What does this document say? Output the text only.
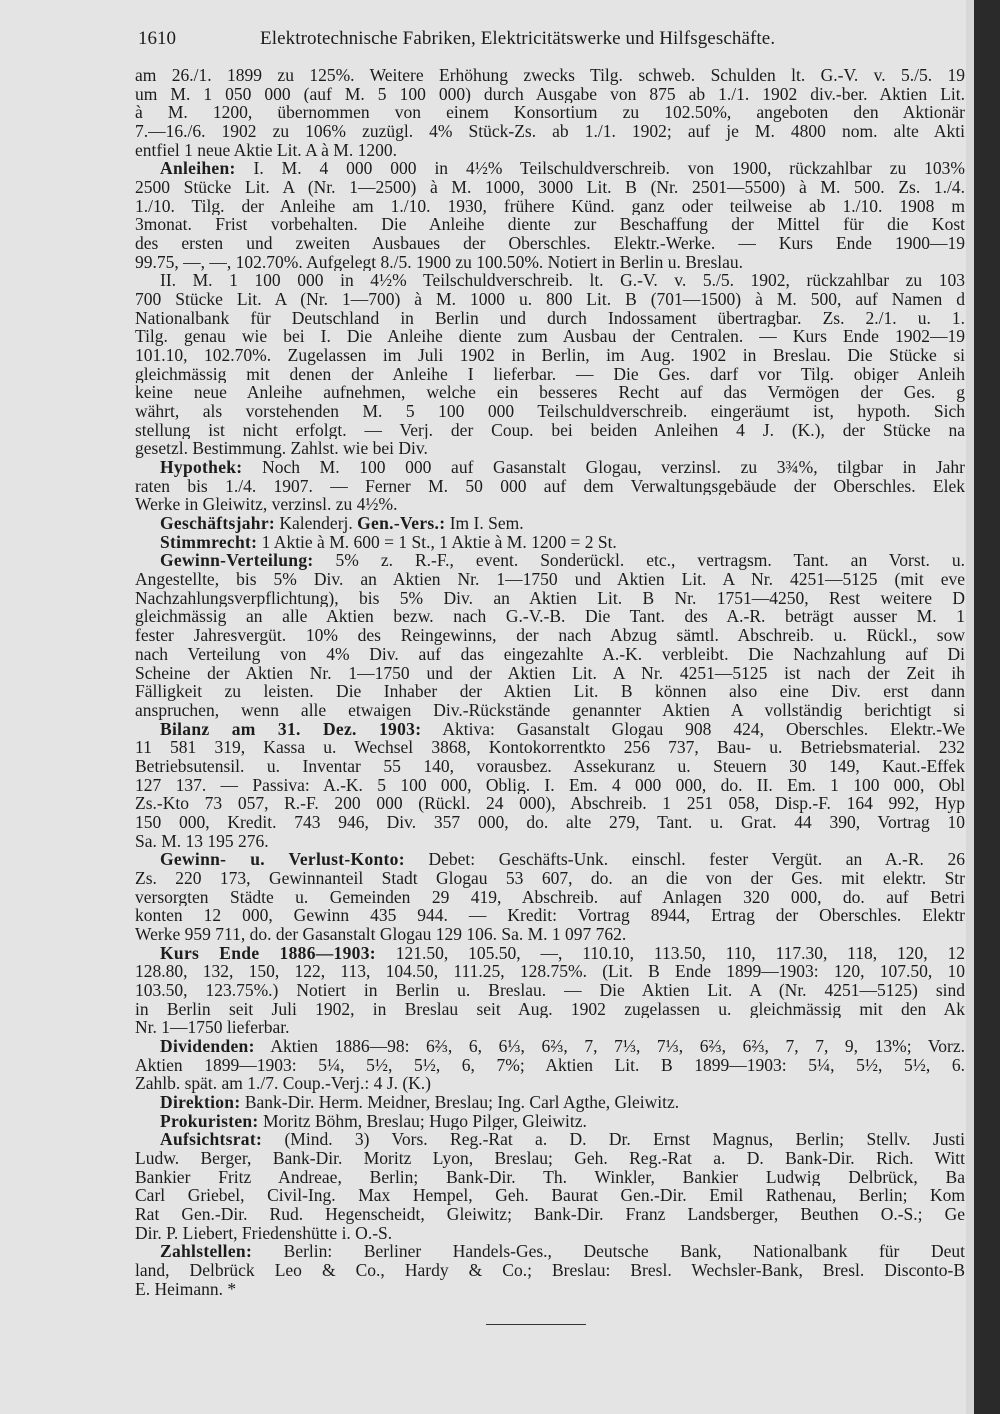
1610	Elektrotechnische Fabriken, Elektricitätswerke und Hilfsgeschäfte.
am 26./1. 1899 zu 125%. Weitere Erhöhung zwecks Tilg. schweb. Schulden lt. G.-V. v. 5./5. 19
um M. 1 050 000 (auf M. 5 100 000) durch Ausgabe von 875 ab 1./1. 1902 div.-ber. Aktien Lit.
à M. 1200, übernommen von einem Konsortium zu 102.50%, angeboten den Aktionär
7.—16./6. 1902 zu 106% zuzügl. 4% Stück-Zs. ab 1./1. 1902; auf je M. 4800 nom. alte Akti
entfiel 1 neue Aktie Lit. A à M. 1200.
Anleihen: I. M. 4 000 000 in 4½% Teilschuldverschreib. von 1900, rückzahlbar zu 103%
2500 Stücke Lit. A (Nr. 1—2500) à M. 1000, 3000 Lit. B (Nr. 2501—5500) à M. 500. Zs. 1./4.
1./10. Tilg. der Anleihe am 1./10. 1930, frühere Künd. ganz oder teilweise ab 1./10. 1908 m
3monat. Frist vorbehalten. Die Anleihe diente zur Beschaffung der Mittel für die Kost
des ersten und zweiten Ausbaues der Oberschles. Elektr.-Werke. — Kurs Ende 1900—19
99.75, —, —, 102.70%. Aufgelegt 8./5. 1900 zu 100.50%. Notiert in Berlin u. Breslau.
II. M. 1 100 000 in 4½% Teilschuldverschreib. lt. G.-V. v. 5./5. 1902, rückzahlbar zu 103
700 Stücke Lit. A (Nr. 1—700) à M. 1000 u. 800 Lit. B (701—1500) à M. 500, auf Namen d
Nationalbank für Deutschland in Berlin und durch Indossament übertragbar. Zs. 2./1. u. 1.
Tilg. genau wie bei I. Die Anleihe diente zum Ausbau der Centralen. — Kurs Ende 1902—19
101.10, 102.70%. Zugelassen im Juli 1902 in Berlin, im Aug. 1902 in Breslau. Die Stücke si
gleichmässig mit denen der Anleihe I lieferbar. — Die Ges. darf vor Tilg. obiger Anleih
keine neue Anleihe aufnehmen, welche ein besseres Recht auf das Vermögen der Ges. g
währt, als vorstehenden M. 5 100 000 Teilschuldverschreib. eingeräumt ist, hypoth. Sich
stellung ist nicht erfolgt. — Verj. der Coup. bei beiden Anleihen 4 J. (K.), der Stücke na
gesetzl. Bestimmung. Zahlst. wie bei Div.
Hypothek: Noch M. 100 000 auf Gasanstalt Glogau, verzinsl. zu 3¾%, tilgbar in Jahr
raten bis 1./4. 1907. — Ferner M. 50 000 auf dem Verwaltungsgebäude der Oberschles. Elek
Werke in Gleiwitz, verzinsl. zu 4½%.
Geschäftsjahr: Kalenderj. Gen.-Vers.: Im I. Sem.
Stimmrecht: 1 Aktie à M. 600 = 1 St., 1 Aktie à M. 1200 = 2 St.
Gewinn-Verteilung: 5% z. R.-F., event. Sonderückl. etc., vertragsm. Tant. an Vorst. u.
Angestellte, bis 5% Div. an Aktien Nr. 1—1750 und Aktien Lit. A Nr. 4251—5125 (mit eve
Nachzahlungsverpflichtung), bis 5% Div. an Aktien Lit. B Nr. 1751—4250, Rest weitere D
gleichmässig an alle Aktien bezw. nach G.-V.-B. Die Tant. des A.-R. beträgt ausser M. 1
fester Jahresvergüt. 10% des Reingewinns, der nach Abzug sämtl. Abschreib. u. Rückl., sow
nach Verteilung von 4% Div. auf das eingezahlte A.-K. verbleibt. Die Nachzahlung auf Di
Scheine der Aktien Nr. 1—1750 und der Aktien Lit. A Nr. 4251—5125 ist nach der Zeit ih
Fälligkeit zu leisten. Die Inhaber der Aktien Lit. B können also eine Div. erst dann
anspruchen, wenn alle etwaigen Div.-Rückstände genannter Aktien A vollständig berichtigt si
Bilanz am 31. Dez. 1903: Aktiva: Gasanstalt Glogau 908 424, Oberschles. Elektr.-We
11 581 319, Kassa u. Wechsel 3868, Kontokorrentkto 256 737, Bau- u. Betriebsmaterial. 232
Betriebsutensil. u. Inventar 55 140, vorausbez. Assekuranz u. Steuern 30 149, Kaut.-Effek
127 137. — Passiva: A.-K. 5 100 000, Oblig. I. Em. 4 000 000, do. II. Em. 1 100 000, Obl
Zs.-Kto 73 057, R.-F. 200 000 (Rückl. 24 000), Abschreib. 1 251 058, Disp.-F. 164 992, Hyp
150 000, Kredit. 743 946, Div. 357 000, do. alte 279, Tant. u. Grat. 44 390, Vortrag 10
Sa. M. 13 195 276.
Gewinn- u. Verlust-Konto: Debet: Geschäfts-Unk. einschl. fester Vergüt. an A.-R. 26
Zs. 220 173, Gewinnanteil Stadt Glogau 53 607, do. an die von der Ges. mit elektr. Str
versorgten Städte u. Gemeinden 29 419, Abschreib. auf Anlagen 320 000, do. auf Betri
konten 12 000, Gewinn 435 944. — Kredit: Vortrag 8944, Ertrag der Oberschles. Elektr
Werke 959 711, do. der Gasanstalt Glogau 129 106. Sa. M. 1 097 762.
Kurs Ende 1886—1903: 121.50, 105.50, —, 110.10, 113.50, 110, 117.30, 118, 120, 12
128.80, 132, 150, 122, 113, 104.50, 111.25, 128.75%. (Lit. B Ende 1899—1903: 120, 107.50, 10
103.50, 123.75%.) Notiert in Berlin u. Breslau. — Die Aktien Lit. A (Nr. 4251—5125) sind
in Berlin seit Juli 1902, in Breslau seit Aug. 1902 zugelassen u. gleichmässig mit den Ak
Nr. 1—1750 lieferbar.
Dividenden: Aktien 1886—98: 6⅔, 6, 6⅓, 6⅔, 7, 7⅓, 7⅓, 6⅔, 6⅔, 7, 7, 9, 13%; Vorz.
Aktien 1899—1903: 5¼, 5½, 5½, 6, 7%; Aktien Lit. B 1899—1903: 5¼, 5½, 5½, 6.
Zahlb. spät. am 1./7. Coup.-Verj.: 4 J. (K.)
Direktion: Bank-Dir. Herm. Meidner, Breslau; Ing. Carl Agthe, Gleiwitz.
Prokuristen: Moritz Böhm, Breslau; Hugo Pilger, Gleiwitz.
Aufsichtsrat: (Mind. 3) Vors. Reg.-Rat a. D. Dr. Ernst Magnus, Berlin; Stellv. Justi
Ludw. Berger, Bank-Dir. Moritz Lyon, Breslau; Geh. Reg.-Rat a. D. Bank-Dir. Rich. Witt
Bankier Fritz Andreae, Berlin; Bank-Dir. Th. Winkler, Bankier Ludwig Delbrück, Ba
Carl Griebel, Civil-Ing. Max Hempel, Geh. Baurat Gen.-Dir. Emil Rathenau, Berlin; Kom
Rat Gen.-Dir. Rud. Hegenscheidt, Gleiwitz; Bank-Dir. Franz Landsberger, Beuthen O.-S.; Ge
Dir. P. Liebert, Friedenshütte i. O.-S.
Zahlstellen: Berlin: Berliner Handels-Ges., Deutsche Bank, Nationalbank für Deut
land, Delbrück Leo & Co., Hardy & Co.; Breslau: Bresl. Wechsler-Bank, Bresl. Disconto-B
E. Heimann. *
